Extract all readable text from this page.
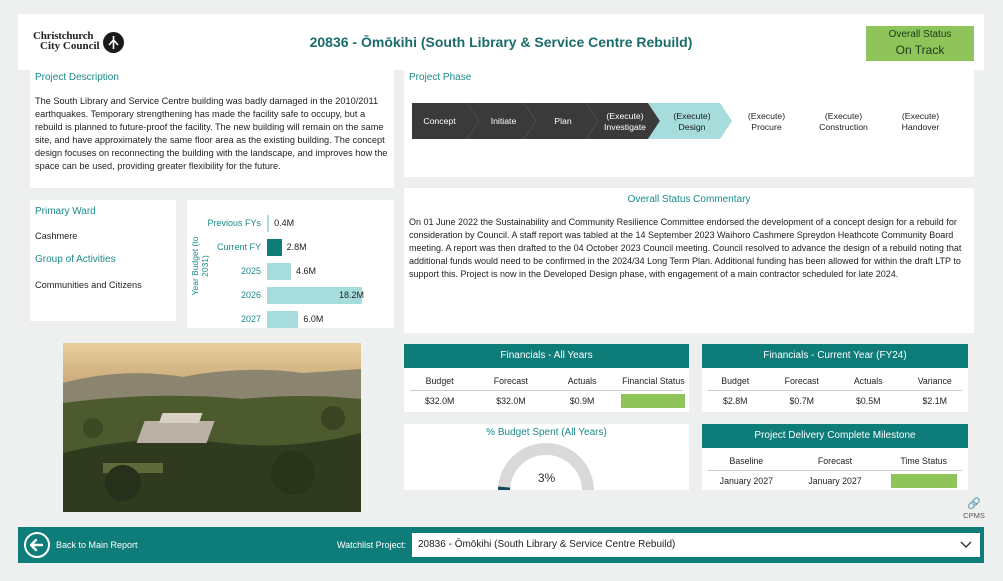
Christchurch
City Council	20836 - Ōmōkihi (South Library & Service Centre Rebuild)	Overall Status
On Track
Project Description
The South Library and Service Centre building was badly damaged in the 2010/2011 earthquakes. Temporary strengthening has made the facility safe to occupy, but a rebuild is planned to future-proof the facility. The new building will remain on the same site, and have approximately the same floor area as the existing building. The concept design focuses on reconnecting the building with the landscape, and improves how the space can be used, providing greater flexibility for the future.
Project Phase
Concept	Initiate	Plan	(Execute)
Investigate
(Execute)
Design
(Execute)
Procure
(Execute)
Construction
(Execute)
Handover
Primary Ward
Cashmere
Group of Activities
Communities and Citizens	Year Budget (to 2031)
Previous FYs 0.4M
Current FY	2.8M
2025	4.6M
2026	18.2M
2027	6.0M
Overall Status Commentary
On 01 June 2022 the Sustainability and Community Resilience Committee endorsed the development of a concept design for a rebuild for consideration by Council. A staff report was tabled at the 14 September 2023 Waihoro Cashmere Spreydon Heathcote Community Board meeting. A report was then drafted to the 04 October 2023 Council meeting. Council resolved to advance the design of a rebuild noting that additional funds would need to be confirmed in the 2024/34 Long Term Plan. Additional funding has been allowed for within the draft LTP to support this. Project is now in the Developed Design phase, with engagement of a main contractor scheduled for late 2024.
Financials - All Years
Budget	Forecast	Actuals	Financial Status
$32.0M	$32.0M	$0.9M
Financials - Current Year (FY24)
Budget	Forecast	Actuals	Variance
$2.8M	$0.7M	$0.5M	$2.1M
% Budget Spent (All Years)
3%
Project Delivery Complete Milestone
Baseline	Forecast	Time Status
January 2027	January 2027
🔗
CPMS
Back to Main Report	Watchlist Project:	20836 - Ōmōkihi (South Library & Service Centre Rebuild)
